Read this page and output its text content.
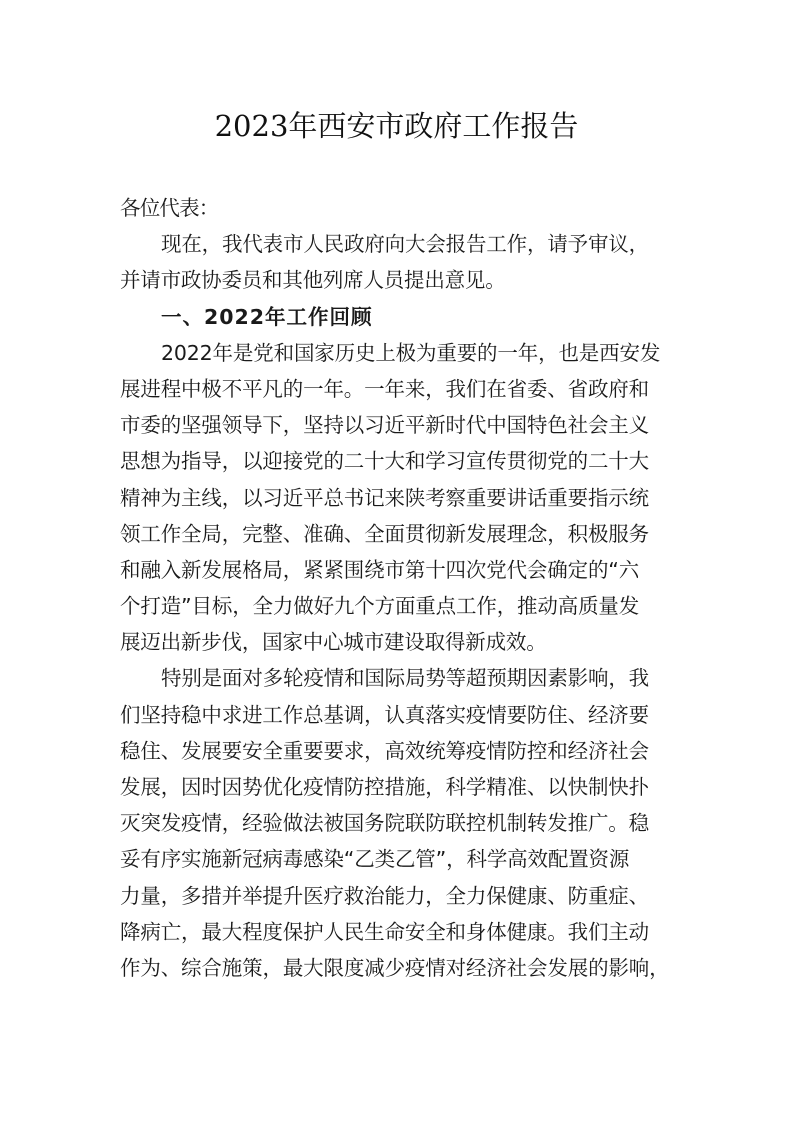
2023年西安市政府工作报告
各位代表：
现在，我代表市人民政府向大会报告工作，请予审议，
并请市政协委员和其他列席人员提出意见。
一、2022年工作回顾
2022年是党和国家历史上极为重要的一年，也是西安发
展进程中极不平凡的一年。一年来，我们在省委、省政府和
市委的坚强领导下，坚持以习近平新时代中国特色社会主义
思想为指导，以迎接党的二十大和学习宣传贯彻党的二十大
精神为主线，以习近平总书记来陕考察重要讲话重要指示统
领工作全局，完整、准确、全面贯彻新发展理念，积极服务
和融入新发展格局，紧紧围绕市第十四次党代会确定的“六
个打造”目标，全力做好九个方面重点工作，推动高质量发
展迈出新步伐，国家中心城市建设取得新成效。
特别是面对多轮疫情和国际局势等超预期因素影响，我
们坚持稳中求进工作总基调，认真落实疫情要防住、经济要
稳住、发展要安全重要要求，高效统筹疫情防控和经济社会
发展，因时因势优化疫情防控措施，科学精准、以快制快扑
灭突发疫情，经验做法被国务院联防联控机制转发推广。稳
妥有序实施新冠病毒感染“乙类乙管”，科学高效配置资源
力量，多措并举提升医疗救治能力，全力保健康、防重症、
降病亡，最大程度保护人民生命安全和身体健康。我们主动
作为、综合施策，最大限度减少疫情对经济社会发展的影响，
